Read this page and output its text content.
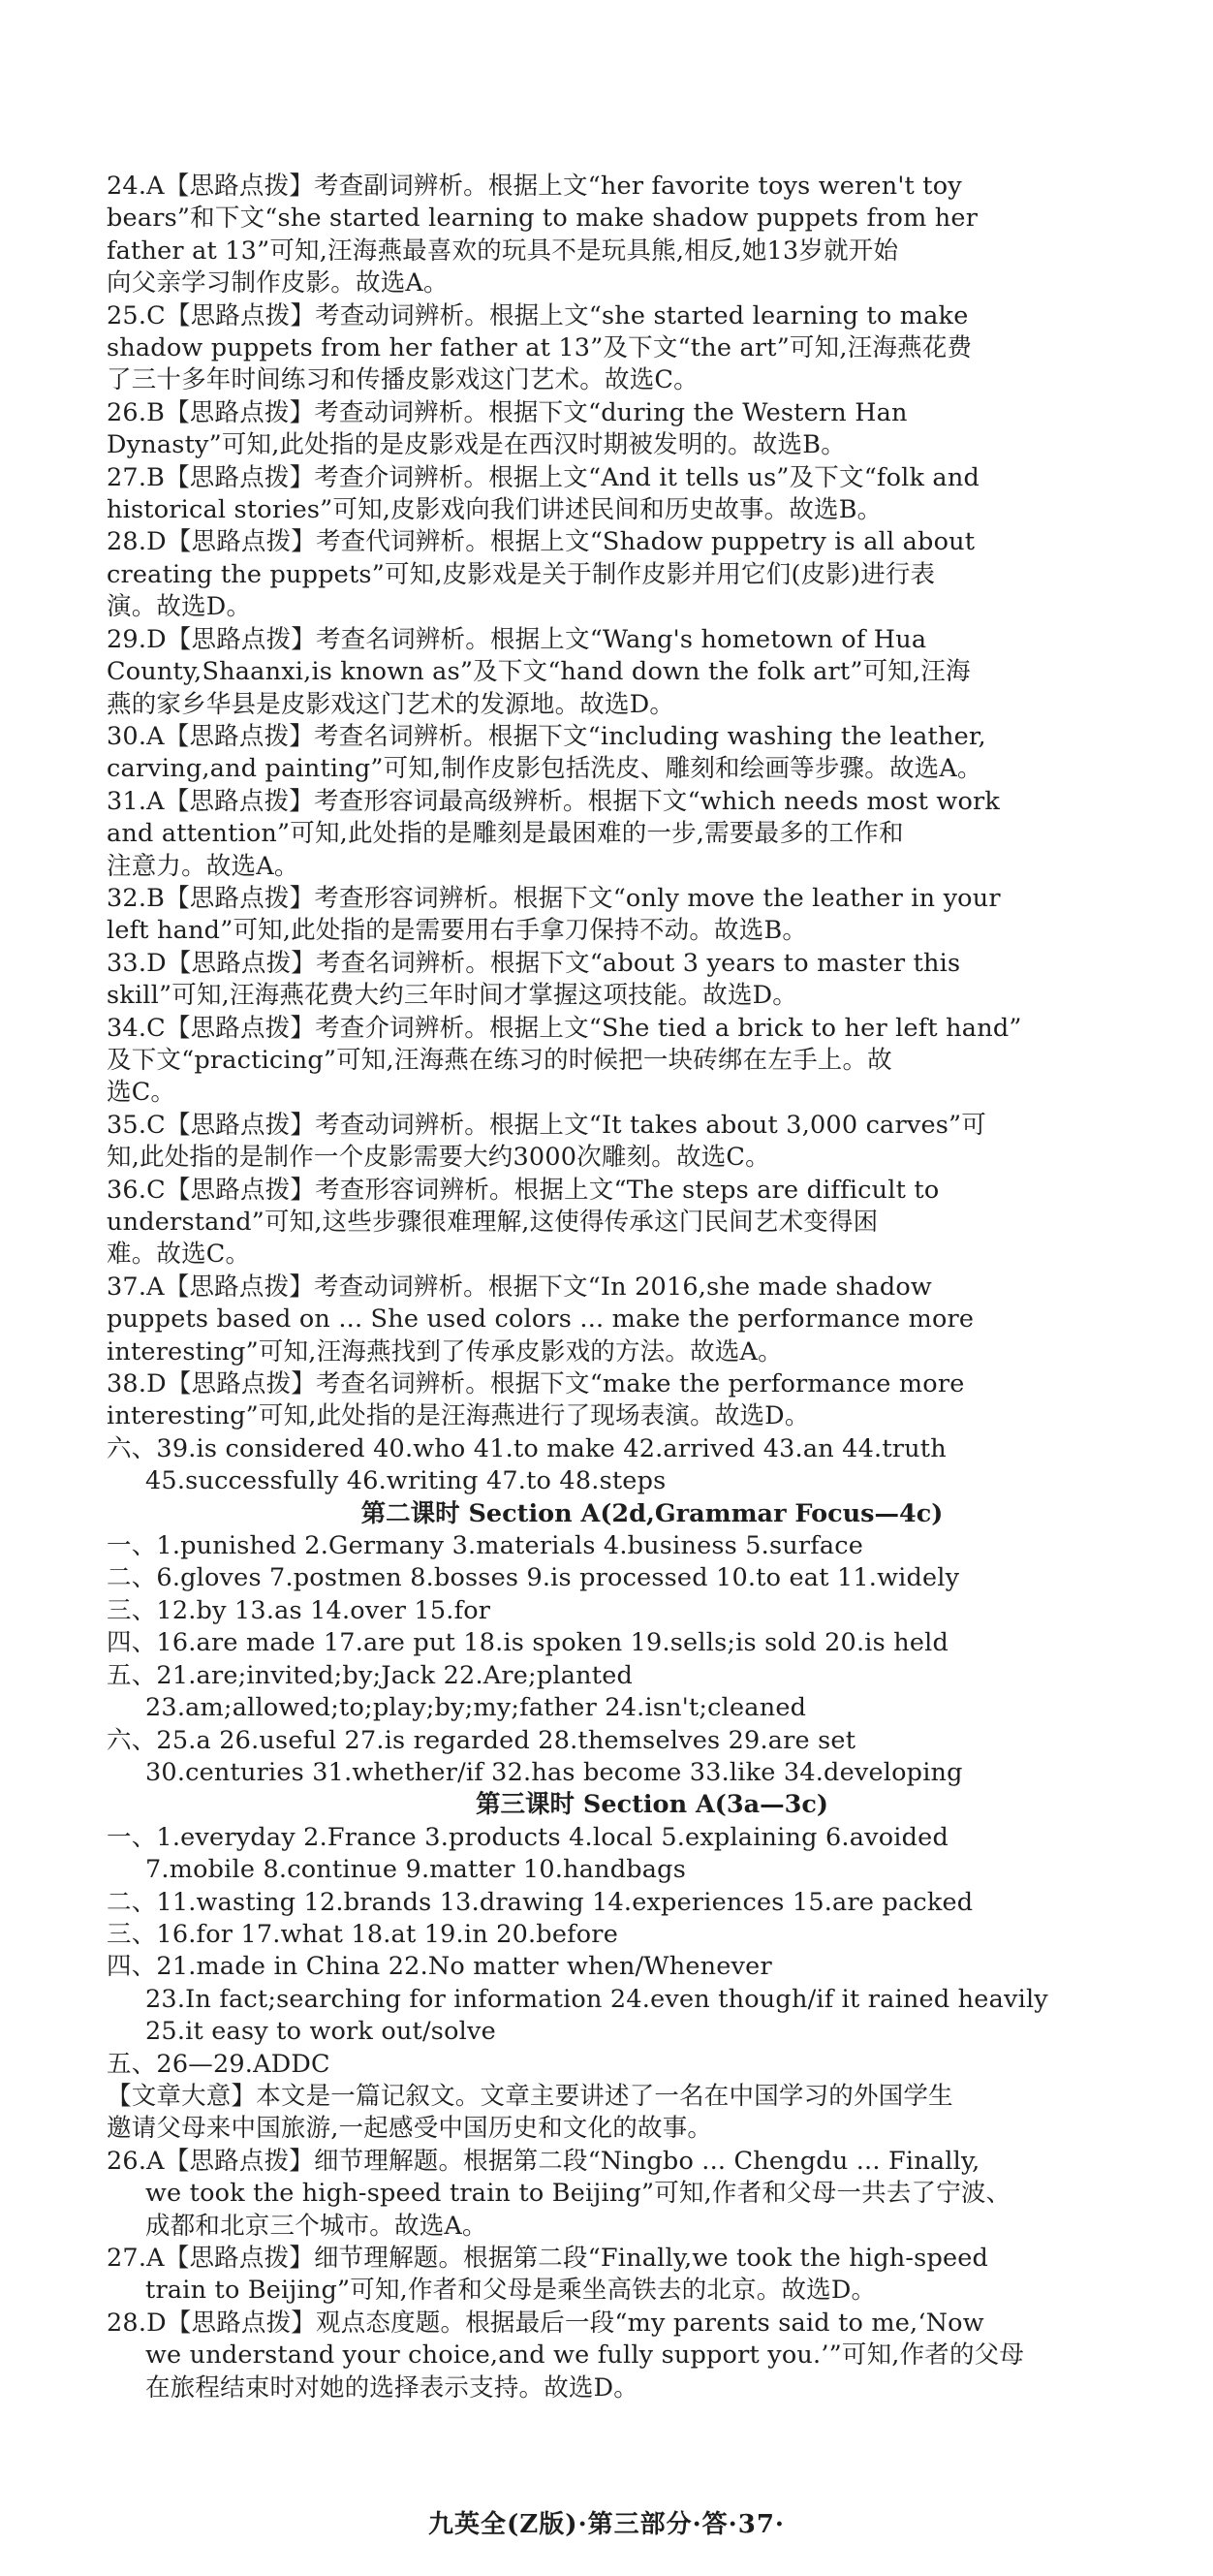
24.A【思路点拨】考查副词辨析。根据上文“her favorite toys weren't toy
bears”和下文“she started learning to make shadow puppets from her
father at 13”可知,汪海燕最喜欢的玩具不是玩具熊,相反,她13岁就开始
向父亲学习制作皮影。故选A。
25.C【思路点拨】考查动词辨析。根据上文“she started learning to make
shadow puppets from her father at 13”及下文“the art”可知,汪海燕花费
了三十多年时间练习和传播皮影戏这门艺术。故选C。
26.B【思路点拨】考查动词辨析。根据下文“during the Western Han
Dynasty”可知,此处指的是皮影戏是在西汉时期被发明的。故选B。
27.B【思路点拨】考查介词辨析。根据上文“And it tells us”及下文“folk and
historical stories”可知,皮影戏向我们讲述民间和历史故事。故选B。
28.D【思路点拨】考查代词辨析。根据上文“Shadow puppetry is all about
creating the puppets”可知,皮影戏是关于制作皮影并用它们(皮影)进行表
演。故选D。
29.D【思路点拨】考查名词辨析。根据上文“Wang's hometown of Hua
County,Shaanxi,is known as”及下文“hand down the folk art”可知,汪海
燕的家乡华县是皮影戏这门艺术的发源地。故选D。
30.A【思路点拨】考查名词辨析。根据下文“including washing the leather,
carving,and painting”可知,制作皮影包括洗皮、雕刻和绘画等步骤。故选A。
31.A【思路点拨】考查形容词最高级辨析。根据下文“which needs most work
and attention”可知,此处指的是雕刻是最困难的一步,需要最多的工作和
注意力。故选A。
32.B【思路点拨】考查形容词辨析。根据下文“only move the leather in your
left hand”可知,此处指的是需要用右手拿刀保持不动。故选B。
33.D【思路点拨】考查名词辨析。根据下文“about 3 years to master this
skill”可知,汪海燕花费大约三年时间才掌握这项技能。故选D。
34.C【思路点拨】考查介词辨析。根据上文“She tied a brick to her left hand”
及下文“practicing”可知,汪海燕在练习的时候把一块砖绑在左手上。故
选C。
35.C【思路点拨】考查动词辨析。根据上文“It takes about 3,000 carves”可
知,此处指的是制作一个皮影需要大约3000次雕刻。故选C。
36.C【思路点拨】考查形容词辨析。根据上文“The steps are difficult to
understand”可知,这些步骤很难理解,这使得传承这门民间艺术变得困
难。故选C。
37.A【思路点拨】考查动词辨析。根据下文“In 2016,she made shadow
puppets based on ... She used colors ... make the performance more
interesting”可知,汪海燕找到了传承皮影戏的方法。故选A。
38.D【思路点拨】考查名词辨析。根据下文“make the performance more
interesting”可知,此处指的是汪海燕进行了现场表演。故选D。
六、39.is considered 40.who 41.to make 42.arrived 43.an 44.truth
45.successfully 46.writing 47.to 48.steps
第二课时 Section A(2d,Grammar Focus—4c)
一、1.punished 2.Germany 3.materials 4.business 5.surface
二、6.gloves 7.postmen 8.bosses 9.is processed 10.to eat 11.widely
三、12.by 13.as 14.over 15.for
四、16.are made 17.are put 18.is spoken 19.sells;is sold 20.is held
五、21.are;invited;by;Jack 22.Are;planted
23.am;allowed;to;play;by;my;father 24.isn't;cleaned
六、25.a 26.useful 27.is regarded 28.themselves 29.are set
30.centuries 31.whether/if 32.has become 33.like 34.developing
第三课时 Section A(3a—3c)
一、1.everyday 2.France 3.products 4.local 5.explaining 6.avoided
7.mobile 8.continue 9.matter 10.handbags
二、11.wasting 12.brands 13.drawing 14.experiences 15.are packed
三、16.for 17.what 18.at 19.in 20.before
四、21.made in China 22.No matter when/Whenever
23.In fact;searching for information 24.even though/if it rained heavily
25.it easy to work out/solve
五、26—29.ADDC
【文章大意】本文是一篇记叙文。文章主要讲述了一名在中国学习的外国学生
邀请父母来中国旅游,一起感受中国历史和文化的故事。
26.A【思路点拨】细节理解题。根据第二段“Ningbo ... Chengdu ... Finally,
we took the high-speed train to Beijing”可知,作者和父母一共去了宁波、
成都和北京三个城市。故选A。
27.A【思路点拨】细节理解题。根据第二段“Finally,we took the high-speed
train to Beijing”可知,作者和父母是乘坐高铁去的北京。故选D。
28.D【思路点拨】观点态度题。根据最后一段“my parents said to me,‘Now
we understand your choice,and we fully support you.’”可知,作者的父母
在旅程结束时对她的选择表示支持。故选D。
九英全(Z版)·第三部分·答·37·
